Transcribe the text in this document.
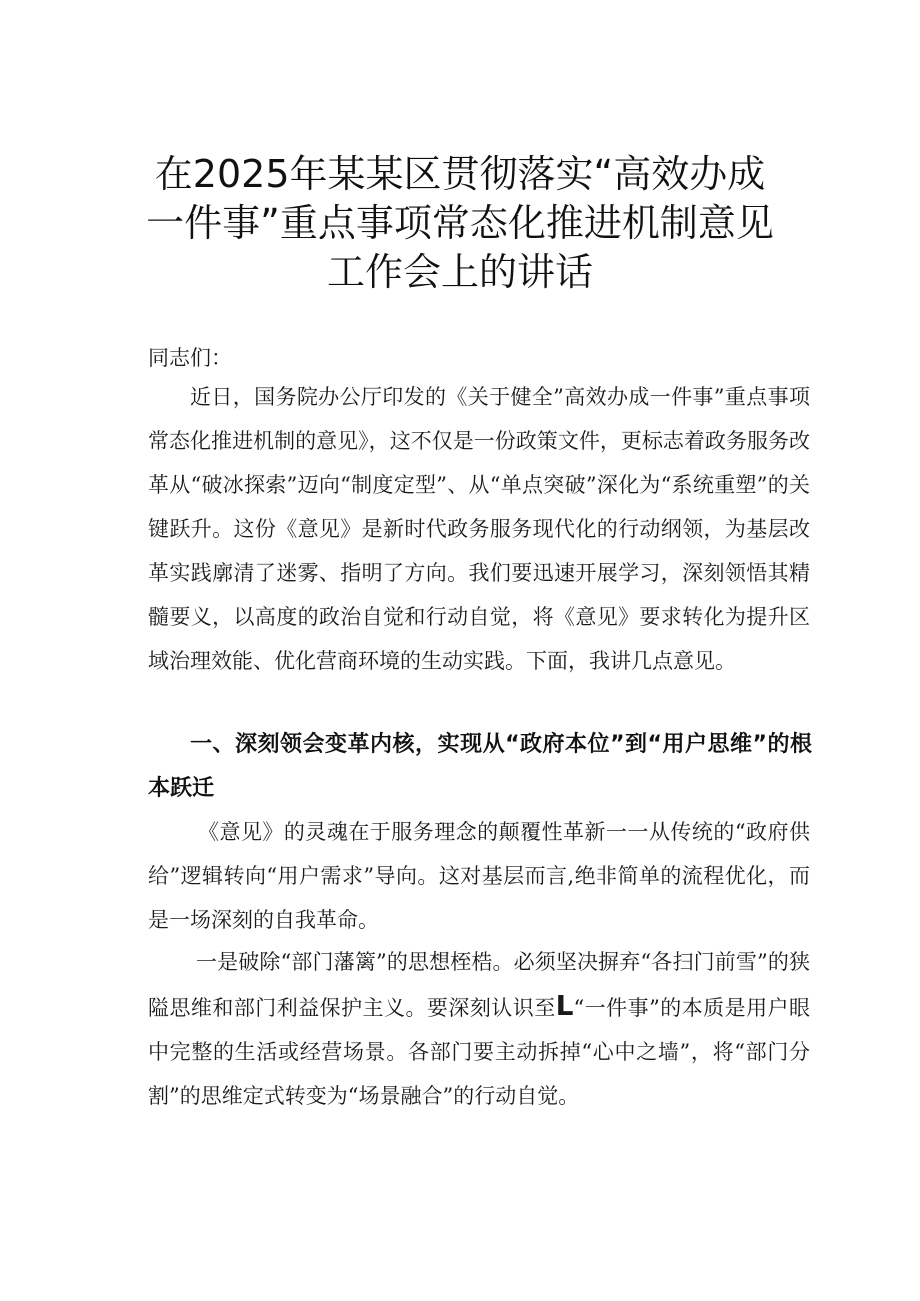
在2025年某某区贯彻落实“高效办成
一件事”重点事项常态化推进机制意见
工作会上的讲话

同志们：

近日，国务院办公厅印发的《关于健全”高效办成一件事”重点事项常态化推进机制的意见》，这不仅是一份政策文件，更标志着政务服务改革从“破冰探索”迈向“制度定型”、从“单点突破”深化为“系统重塑”的关键跃升。这份《意见》是新时代政务服务现代化的行动纲领，为基层改革实践廓清了迷雾、指明了方向。我们要迅速开展学习，深刻领悟其精髓要义，以高度的政治自觉和行动自觉，将《意见》要求转化为提升区域治理效能、优化营商环境的生动实践。下面，我讲几点意见。

一、深刻领会变革内核，实现从“政府本位”到“用户思维”的根本跃迁

《意见》的灵魂在于服务理念的颠覆性革新一一从传统的“政府供给”逻辑转向“用户需求”导向。这对基层而言,绝非简单的流程优化，而是一场深刻的自我革命。

一是破除“部门藩篱”的思想桎梏。必须坚决摒弃“各扫门前雪”的狭隘思维和部门利益保护主义。要深刻认识至L“一件事”的本质是用户眼中完整的生活或经营场景。各部门要主动拆掉“心中之墙”，将“部门分割”的思维定式转变为“场景融合”的行动自觉。
